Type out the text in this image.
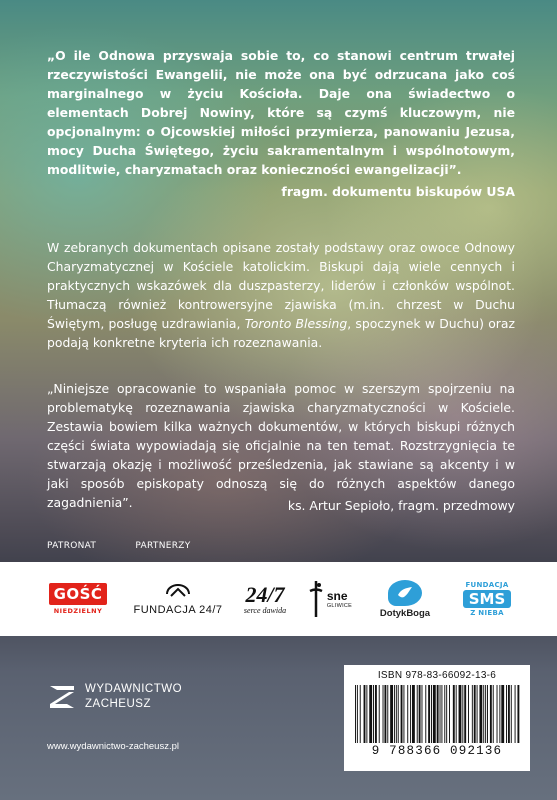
„O ile Odnowa przyswaja sobie to, co stanowi centrum trwałej rzeczywistości Ewangelii, nie może ona być odrzucana jako coś marginalnego w życiu Kościoła. Daje ona świadectwo o elementach Dobrej Nowiny, które są czymś kluczowym, nie opcjonalnym: o Ojcowskiej miłości przymierza, panowaniu Jezusa, mocy Ducha Świętego, życiu sakramentalnym i wspólnotowym, modlitwie, charyzmatach oraz konieczności ewangelizacji”.

fragm. dokumentu biskupów USA

W zebranych dokumentach opisane zostały podstawy oraz owoce Odnowy Charyzmatycznej w Kościele katolickim. Biskupi dają wiele cennych i praktycznych wskazówek dla duszpasterzy, liderów i członków wspólnot. Tłumaczą również kontrowersyjne zjawiska (m.in. chrzest w Duchu Świętym, posługę uzdrawiania, Toronto Blessing, spoczynek w Duchu) oraz podają konkretne kryteria ich rozeznawania.

„Niniejsze opracowanie to wspaniała pomoc w szerszym spojrzeniu na problematykę rozeznawania zjawiska charyzmatyczności w Kościele. Zestawia bowiem kilka ważnych dokumentów, w których biskupi różnych części świata wypowiadają się oficjalnie na ten temat. Rozstrzygnięcia te stwarzają okazję i możliwość prześledzenia, jak stawiane są akcenty i w jaki sposób episkopaty odnoszą się do różnych aspektów danego zagadnienia”.	ks. Artur Sepioło, fragm. przedmowy

PATRONAT	PARTNERZY
GOŚĆ
NIEDZIELNY	FUNDACJA 24/7
24/7
serce dawida
sne
GLIWICE
DotykBoga
FUNDACJA
SMS
Z NIEBA
WYDAWNICTWO
ZACHEUSZ
ISBN 978-83-66092-13-6
9 788366 092136
www.wydawnictwo-zacheusz.pl
